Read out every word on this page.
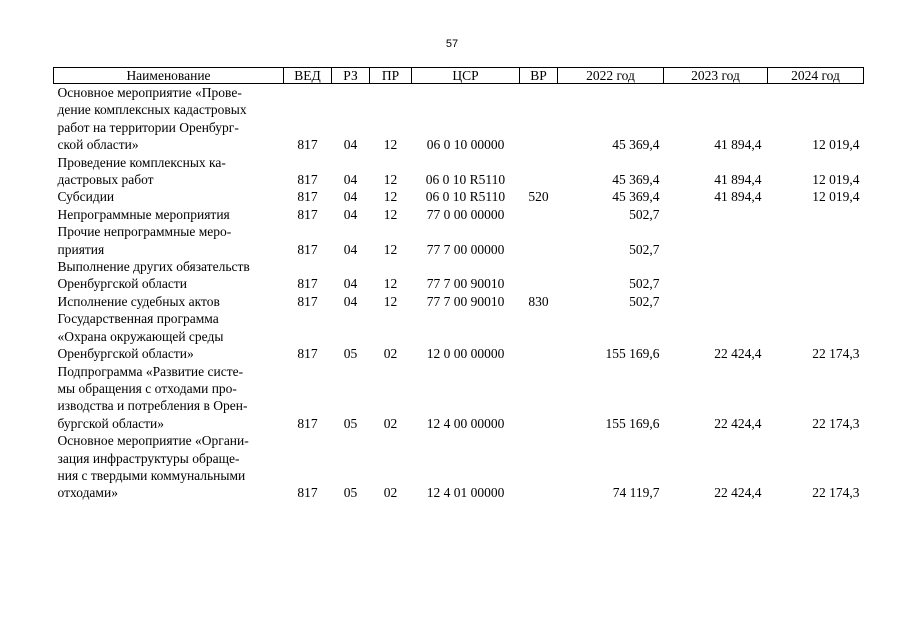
57
Наименование	ВЕД	РЗ	ПР	ЦСР	ВР	2022 год	2023 год	2024 год

Основное мероприятие «Прове-
дение комплексных кадастровых
работ на территории Оренбург-
ской области»	817	04	12	06 0 10 00000		45 369,4	41 894,4	12 019,4

Проведение комплексных ка-
дастровых работ	817	04	12	06 0 10 R5110		45 369,4	41 894,4	12 019,4

Субсидии	817	04	12	06 0 10 R5110	520	45 369,4	41 894,4	12 019,4

Непрограммные мероприятия	817	04	12	77 0 00 00000		502,7		

Прочие непрограммные меро-
приятия	817	04	12	77 7 00 00000		502,7		

Выполнение других обязательств
Оренбургской области	817	04	12	77 7 00 90010		502,7		

Исполнение судебных актов	817	04	12	77 7 00 90010	830	502,7		

Государственная программа
«Охрана окружающей среды
Оренбургской области»	817	05	02	12 0 00 00000		155 169,6	22 424,4	22 174,3

Подпрограмма «Развитие систе-
мы обращения с отходами про-
изводства и потребления в Орен-
бургской области»	817	05	02	12 4 00 00000		155 169,6	22 424,4	22 174,3

Основное мероприятие «Органи-
зация инфраструктуры обраще-
ния с твердыми коммунальными
отходами»	817	05	02	12 4 01 00000		74 119,7	22 424,4	22 174,3
